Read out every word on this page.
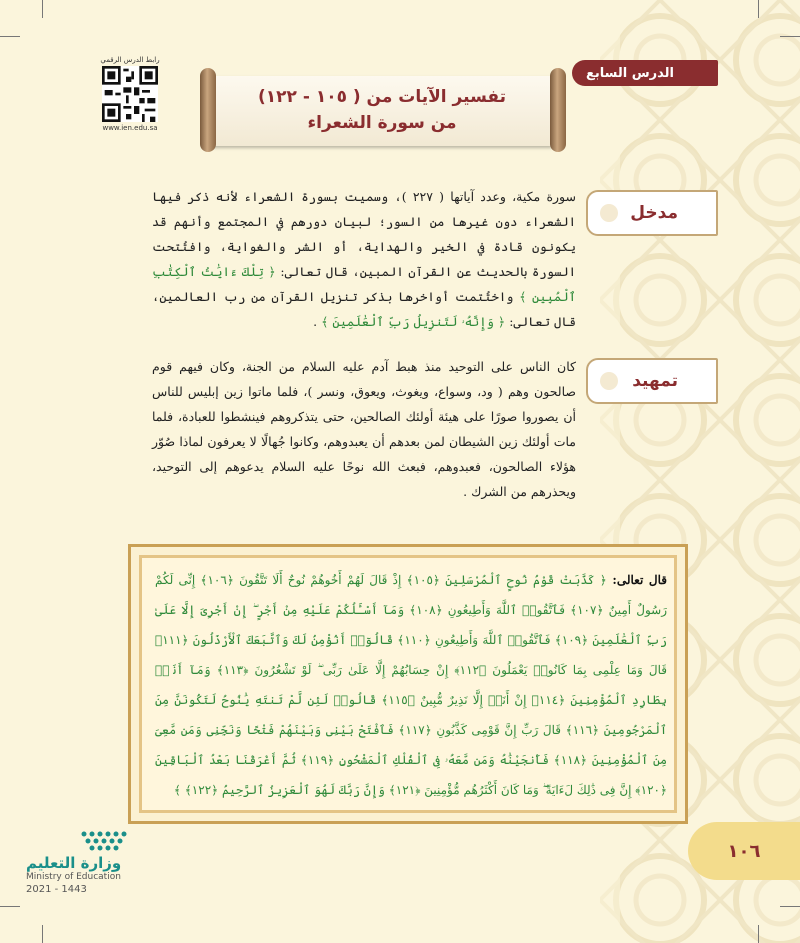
رابط الدرس الرقمي
www.ien.edu.sa
تفسير الآيات من ( ١٠٥ - ١٢٢)
من سورة الشعراء
الدرس السابع
مدخل
سورة مكية، وعدد آياتها ( ٢٢٧ )، وسميت بسورة الشعراء لأنه ذكر فيها الشعراء دون غيرها من السور؛ لبيان دورهم في المجتمع وأنهم قد يكونون قادة في الخير والهداية، أو الشر والغواية، وافتُتحت السورة بالحديث عن القرآن المبين، قال تعالى: ﴿ تِلْكَ ءَايَٰتُ ٱلْكِتَٰبِ ٱلْمُبِينِ ﴾ واختُتمت أواخرها بذكر تنزيل القرآن من رب العالمين، قال تعالى: ﴿ وَإِنَّهُۥ لَتَنزِيلُ رَبِّ ٱلْعَٰلَمِينَ ﴾ .
تمهيد
كان الناس على التوحيد منذ هبط آدم عليه السلام من الجنة، وكان فيهم قوم صالحون وهم ( ود، وسواع، ويغوث، ويعوق، ونسر )، فلما ماتوا زين إبليس للناس أن يصوروا صورًا على هيئة أولئك الصالحين، حتى يتذكروهم فينشطوا للعبادة، فلما مات أولئك زين الشيطان لمن بعدهم أن يعبدوهم، وكانوا جُهالًا لا يعرفون لماذا صُوّر هؤلاء الصالحون، فعبدوهم، فبعث الله نوحًا عليه السلام يدعوهم إلى التوحيد، ويحذرهم من الشرك .
قال تعالى: ﴿ كَذَّبَتْ قَوْمُ نُوحٍ ٱلْمُرْسَلِينَ ﴿١٠٥﴾ إِذْ قَالَ لَهُمْ أَخُوهُمْ نُوحٌ أَلَا تَتَّقُونَ ﴿١٠٦﴾ إِنِّى لَكُمْ رَسُولٌ أَمِينٌ ﴿١٠٧﴾ فَٱتَّقُوا۟ ٱللَّهَ وَأَطِيعُونِ ﴿١٠٨﴾ وَمَآ أَسْـَٔلُكُمْ عَلَيْهِ مِنْ أَجْرٍ ۖ إِنْ أَجْرِىَ إِلَّا عَلَىٰ رَبِّ ٱلْعَٰلَمِينَ ﴿١٠٩﴾ فَٱتَّقُوا۟ ٱللَّهَ وَأَطِيعُونِ ﴿١١٠﴾ قَالُوٓا۟ أَنُؤْمِنُ لَكَ وَٱتَّبَعَكَ ٱلْأَرْذَلُونَ ﴿١١١﴾ قَالَ وَمَا عِلْمِى بِمَا كَانُوا۟ يَعْمَلُونَ ﴿١١٢﴾ إِنْ حِسَابُهُمْ إِلَّا عَلَىٰ رَبِّى ۖ لَوْ تَشْعُرُونَ ﴿١١٣﴾ وَمَآ أَنَا۠ بِطَارِدِ ٱلْمُؤْمِنِينَ ﴿١١٤﴾ إِنْ أَنَا۠ إِلَّا نَذِيرٌ مُّبِينٌ ﴿١١٥﴾ قَالُوا۟ لَئِن لَّمْ تَنتَهِ يَٰنُوحُ لَتَكُونَنَّ مِنَ ٱلْمَرْجُومِينَ ﴿١١٦﴾ قَالَ رَبِّ إِنَّ قَوْمِى كَذَّبُونِ ﴿١١٧﴾ فَٱفْتَحْ بَيْنِى وَبَيْنَهُمْ فَتْحًا وَنَجِّنِى وَمَن مَّعِىَ مِنَ ٱلْمُؤْمِنِينَ ﴿١١٨﴾ فَأَنجَيْنَٰهُ وَمَن مَّعَهُۥ فِى ٱلْفُلْكِ ٱلْمَشْحُونِ ﴿١١٩﴾ ثُمَّ أَغْرَقْنَا بَعْدُ ٱلْبَاقِينَ ﴿١٢٠﴾ إِنَّ فِى ذَٰلِكَ لَءَايَةً ۖ وَمَا كَانَ أَكْثَرُهُم مُّؤْمِنِينَ ﴿١٢١﴾ وَإِنَّ رَبَّكَ لَهُوَ ٱلْعَزِيزُ ٱلرَّحِيمُ ﴿١٢٢﴾ ﴾
وزارة التعليم
Ministry of Education
2021 - 1443
١٠٦
